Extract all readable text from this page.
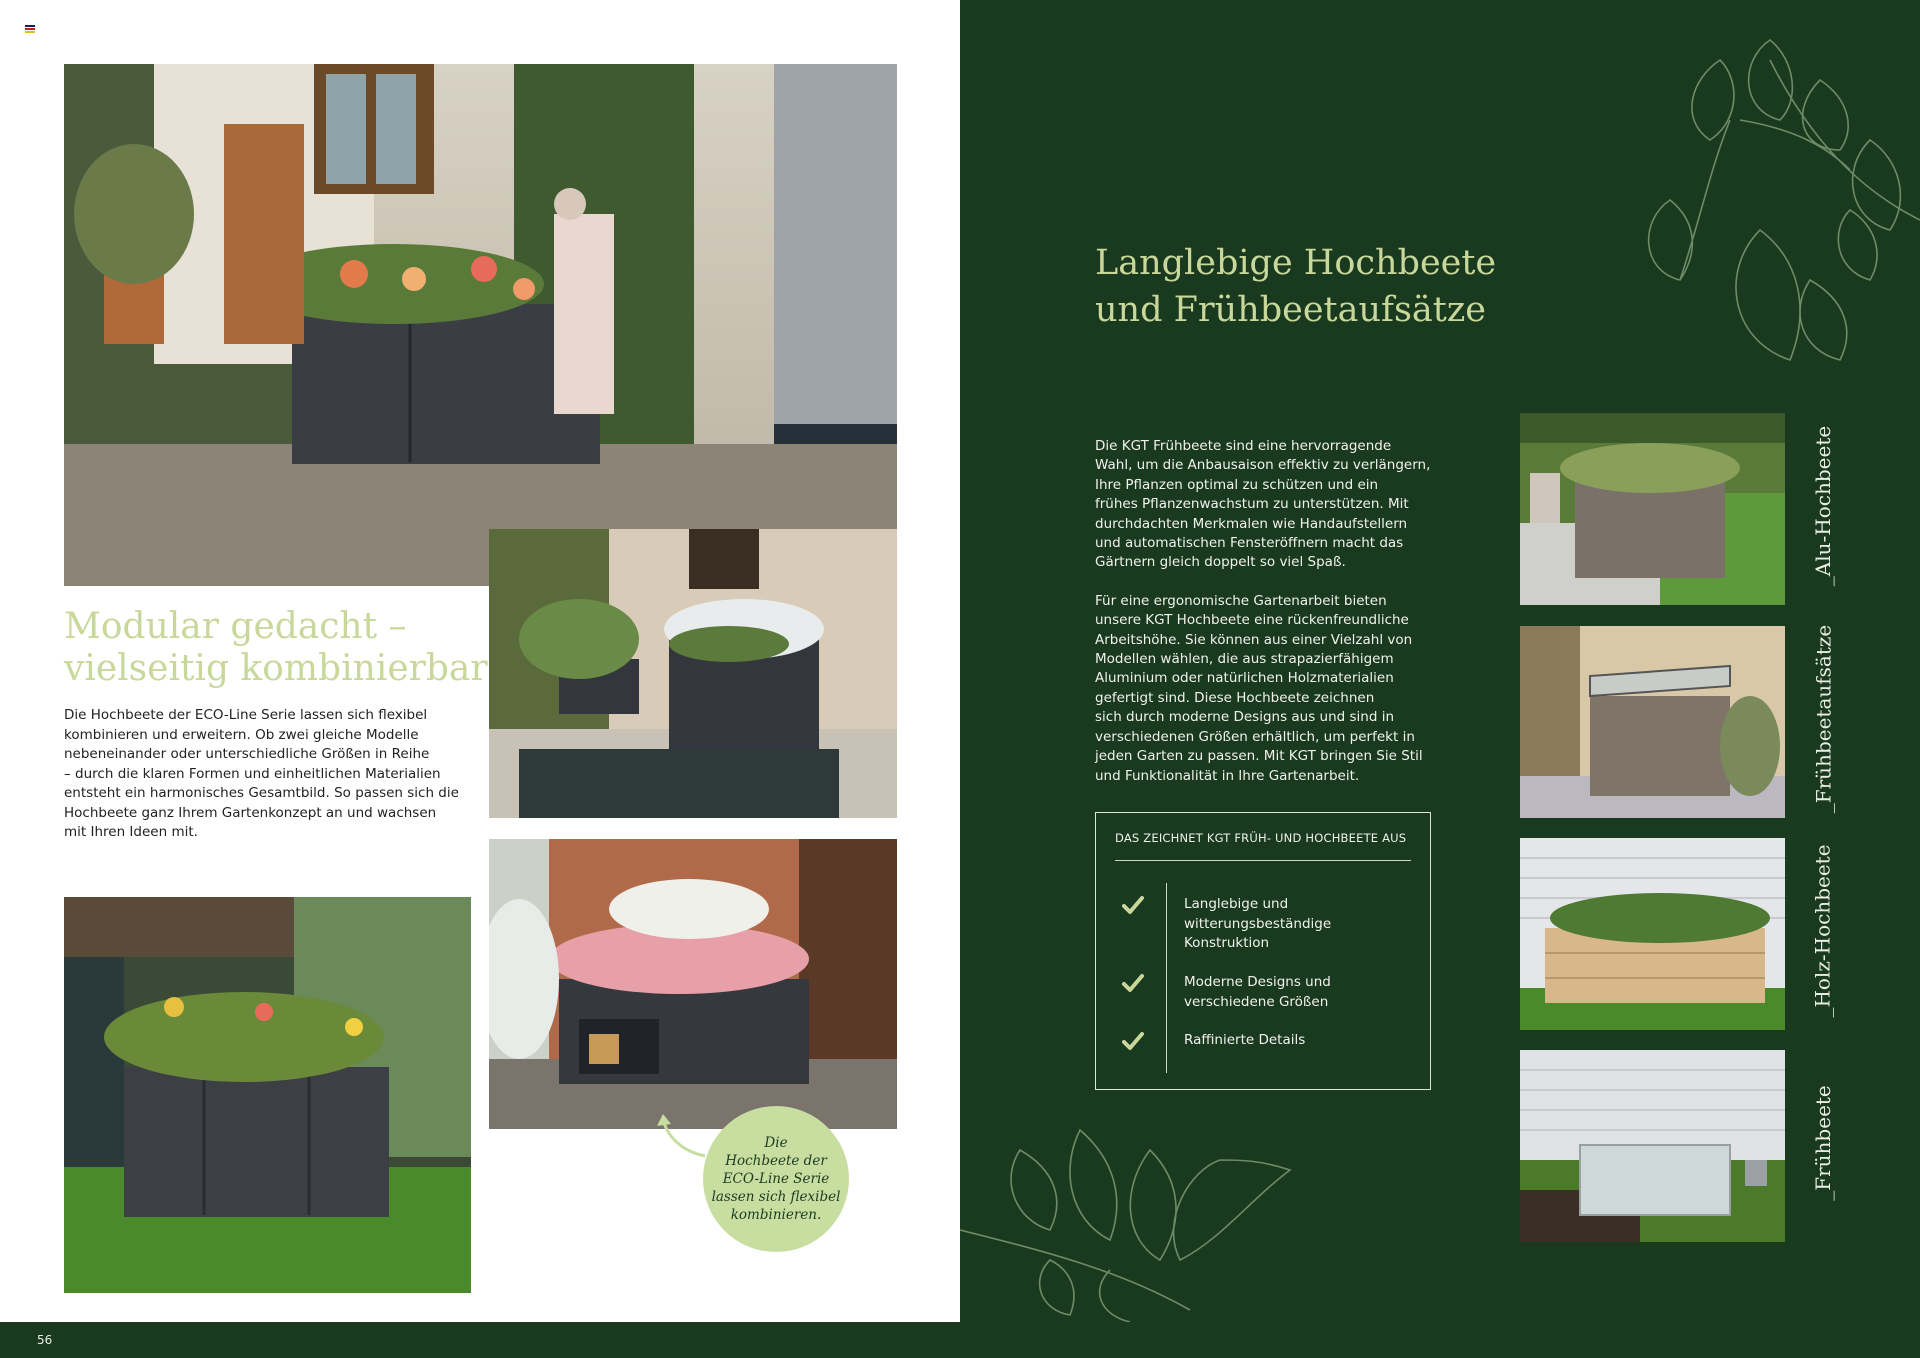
Modular gedacht –
vielseitig kombinierbar
Die Hochbeete der ECO-Line Serie lassen sich flexibel
kombinieren und erweitern. Ob zwei gleiche Modelle
nebeneinander oder unterschiedliche Größen in Reihe
– durch die klaren Formen und einheitlichen Materialien
entsteht ein harmonisches Gesamtbild. So passen sich die
Hochbeete ganz Ihrem Gartenkonzept an und wachsen
mit Ihren Ideen mit.
Die
Hochbeete der
ECO-Line Serie
lassen sich flexibel
kombinieren.
56
Langlebige Hochbeete
und Frühbeetaufsätze
Die KGT Frühbeete sind eine hervorragende
Wahl, um die Anbausaison effektiv zu verlängern,
Ihre Pflanzen optimal zu schützen und ein
frühes Pflanzenwachstum zu unterstützen. Mit
durchdachten Merkmalen wie Handaufstellern
und automatischen Fensteröffnern macht das
Gärtnern gleich doppelt so viel Spaß.
Für eine ergonomische Gartenarbeit bieten
unsere KGT Hochbeete eine rückenfreundliche
Arbeitshöhe. Sie können aus einer Vielzahl von
Modellen wählen, die aus strapazierfähigem
Aluminium oder natürlichen Holzmaterialien
gefertigt sind. Diese Hochbeete zeichnen
sich durch moderne Designs aus und sind in
verschiedenen Größen erhältlich, um perfekt in
jeden Garten zu passen. Mit KGT bringen Sie Stil
und Funktionalität in Ihre Gartenarbeit.
DAS ZEICHNET KGT FRÜH- UND HOCHBEETE AUS
Langlebige und
witterungsbeständige
Konstruktion
Moderne Designs und
verschiedene Größen
Raffinierte Details
_Alu-Hochbeete
_Frühbeetaufsätze
_Holz-Hochbeete
_Frühbeete
